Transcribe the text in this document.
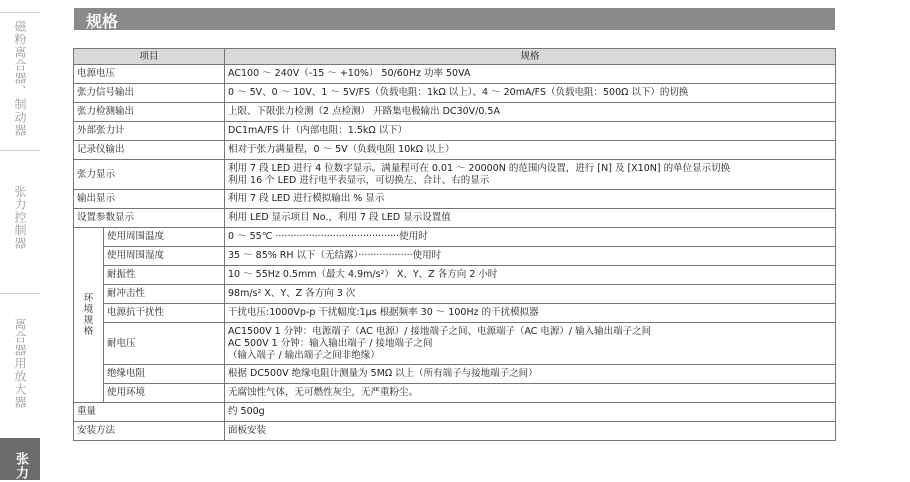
磁粉离合器、制动器
张力控制器
离合器用放大器
张力
规格
项目		规格
电源电压		AC100 ～ 240V（-15 ～ +10%） 50/60Hz 功率 50VA
张力信号输出		0 ～ 5V、0 ～ 10V、1 ～ 5V/FS（负载电阻：1kΩ 以上）、4 ～ 20mA/FS（负载电阻：500Ω 以下）的切换
张力检测输出		上限、下限张力检测（2 点检测） 开路集电极输出 DC30V/0.5A
外部张力计		DC1mA/FS 计（内部电阻：1.5kΩ 以下）
记录仪输出		相对于张力满量程，0 ～ 5V（负载电阻 10kΩ 以上）
张力显示		利用 7 段 LED 进行 4 位数字显示。满量程可在 0.01 ～ 20000N 的范围内设置，进行 [N] 及 [X10N] 的单位显示切换
利用 16 个 LED 进行电平表显示，可切换左、合计、右的显示

输出显示		利用 7 段 LED 进行模拟输出 % 显示
设置参数显示		利用 LED 显示项目 No.，利用 7 段 LED 显示设置值
环境规格	使用周围温度	0 ～ 55℃ ·········································使用时
	使用周围湿度	35 ～ 85% RH 以下（无结露）··················使用时
	耐振性	10 ～ 55Hz 0.5mm（最大 4.9m/s²） X、Y、Z 各方向 2 小时
	耐冲击性	98m/s² X、Y、Z 各方向 3 次
	电源抗干扰性	干扰电压:1000Vp-p 干扰幅度:1μs 根据频率 30 ～ 100Hz 的干扰模拟器
	耐电压	AC1500V 1 分钟：电源端子（AC 电源）/ 接地端子之间、电源端子（AC 电源）/ 输入输出端子之间
AC 500V 1 分钟：输入输出端子 / 接地端子之间
（输入端子 / 输出端子之间非绝缘）

	绝缘电阻	根据 DC500V 绝缘电阻计测量为 5MΩ 以上（所有端子与接地端子之间）
	使用环境	无腐蚀性气体，无可燃性灰尘，无严重粉尘。
重量		约 500g
安装方法		面板安装
